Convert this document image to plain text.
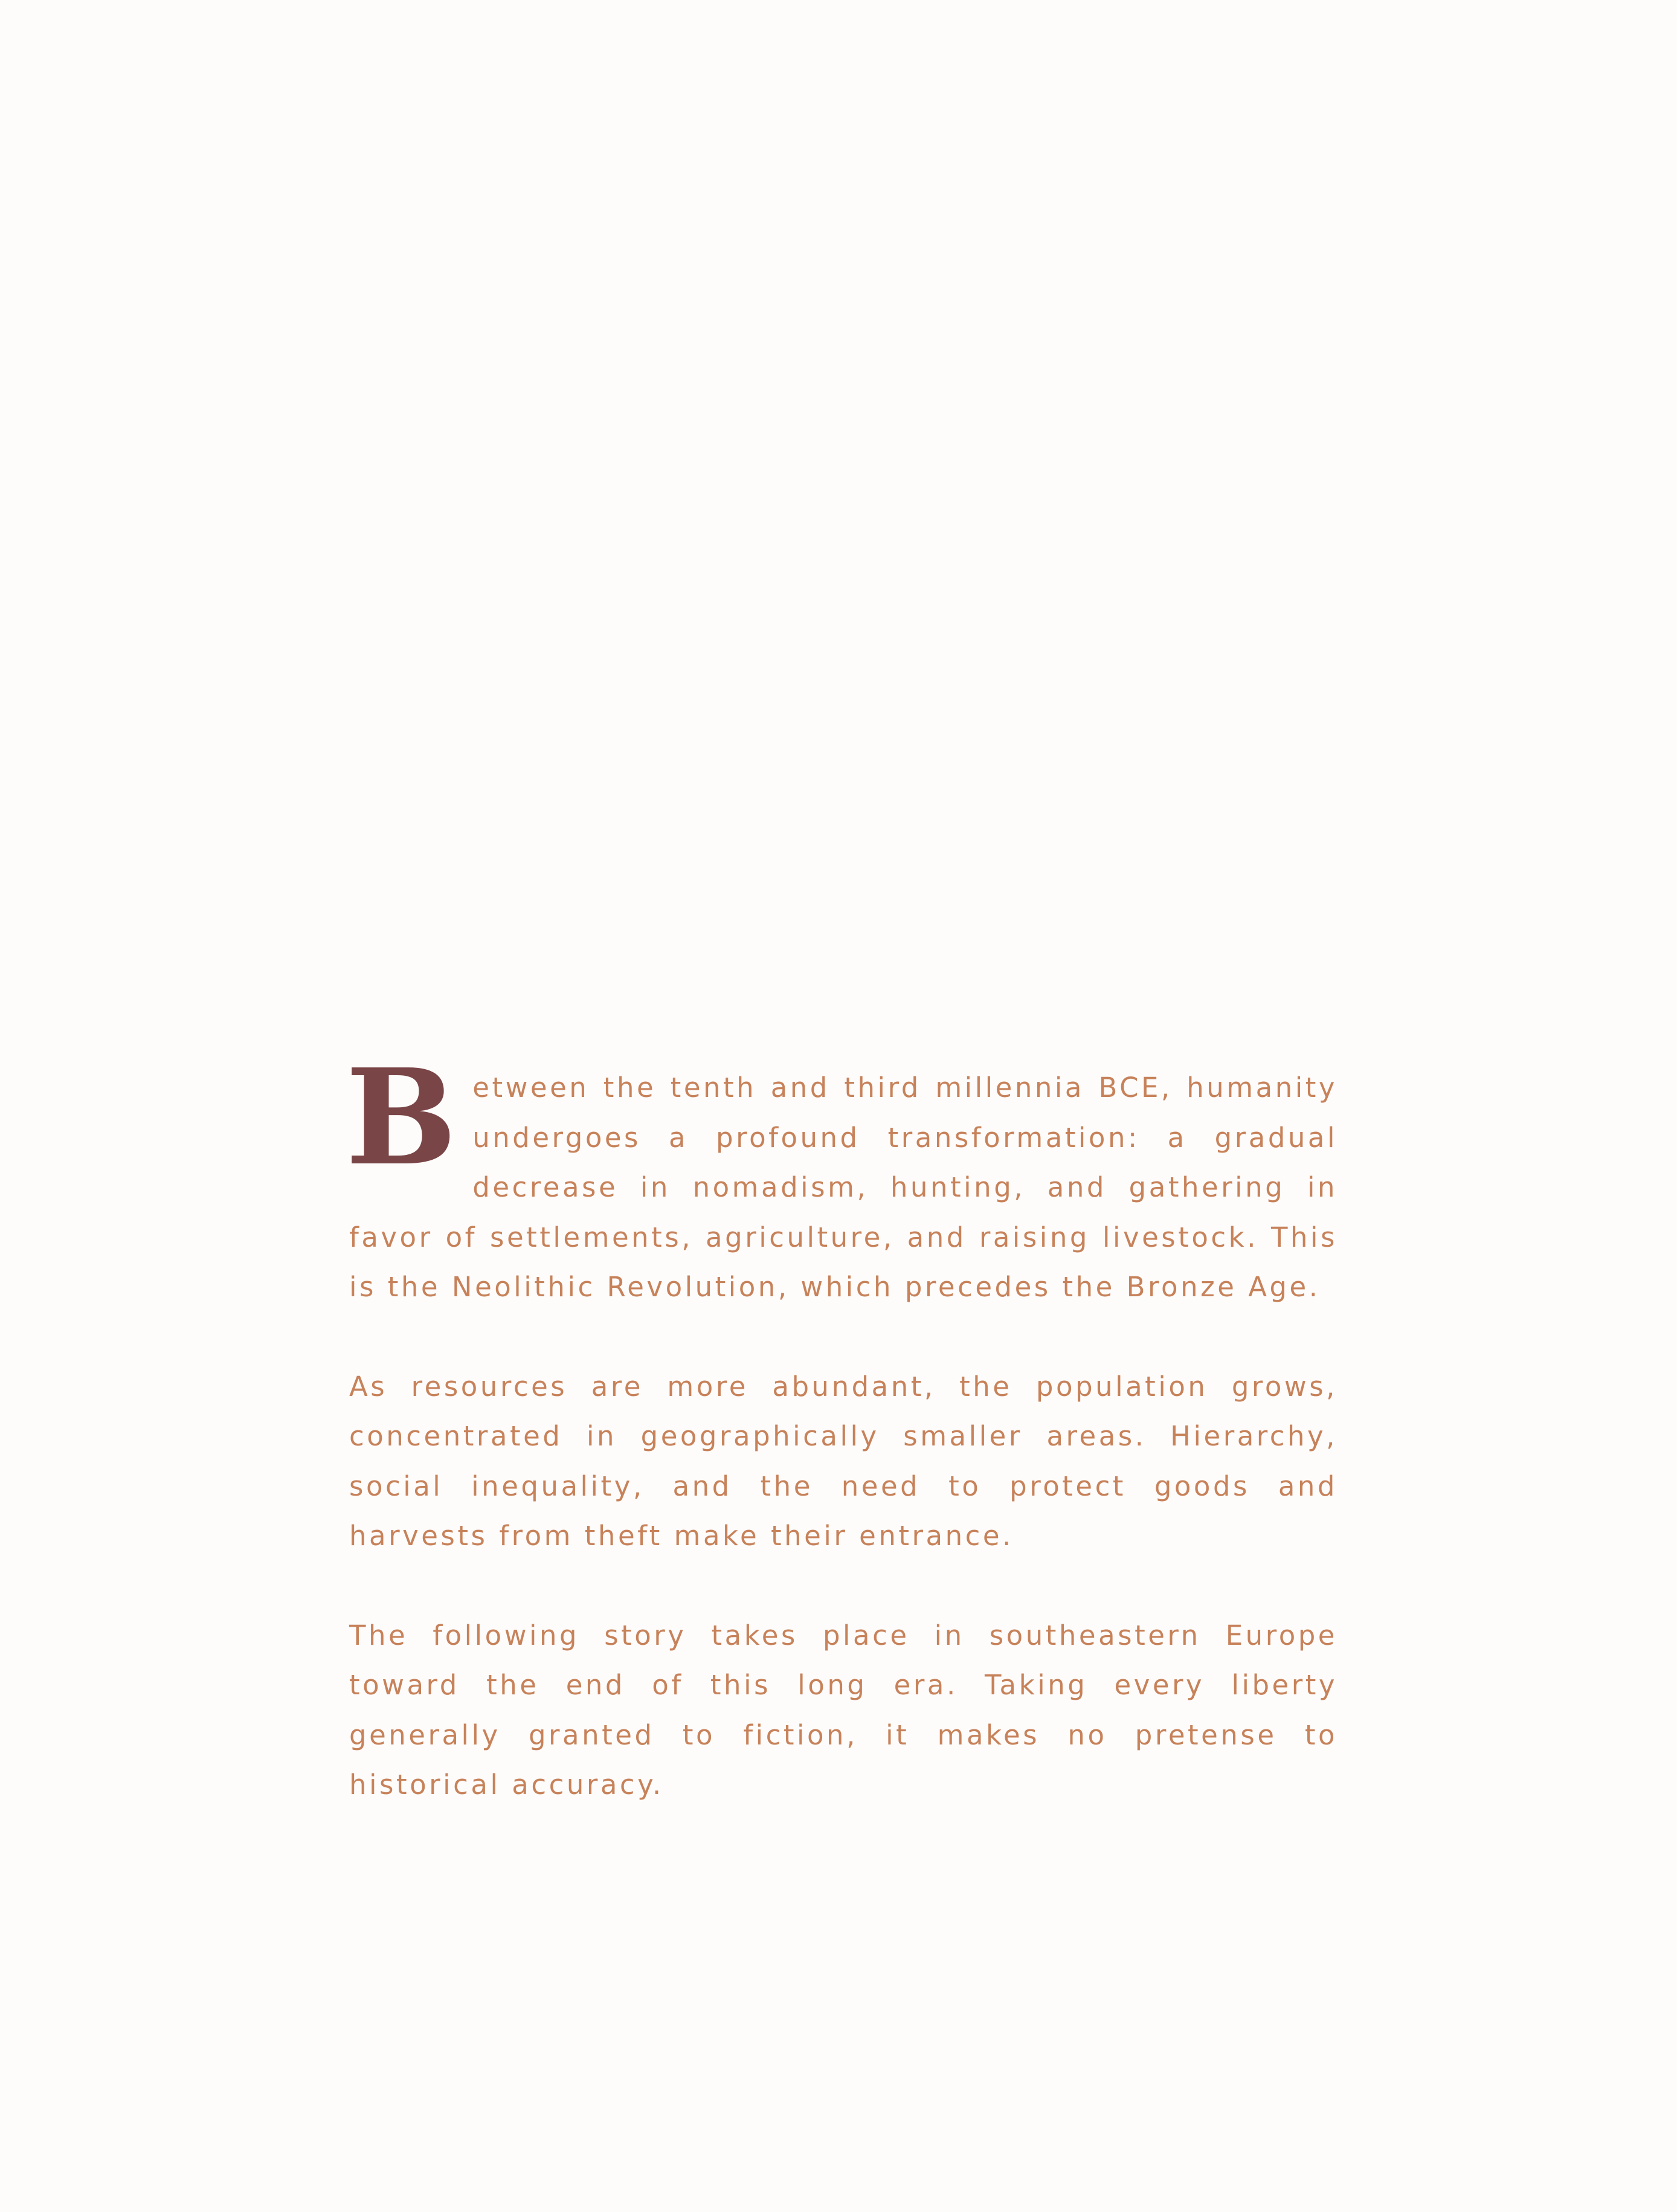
Between the tenth and third millennia BCE, humanity undergoes a profound transformation: a gradual decrease in nomadism, hunting, and gathering in favor of settlements, agriculture, and raising livestock. This is the Neolithic Revolution, which precedes the Bronze Age.

As resources are more abundant, the population grows, concentrated in geographically smaller areas. Hierarchy, social inequality, and the need to protect goods and harvests from theft make their entrance.

The following story takes place in southeastern Europe toward the end of this long era. Taking every liberty generally granted to fiction, it makes no pretense to historical accuracy.
